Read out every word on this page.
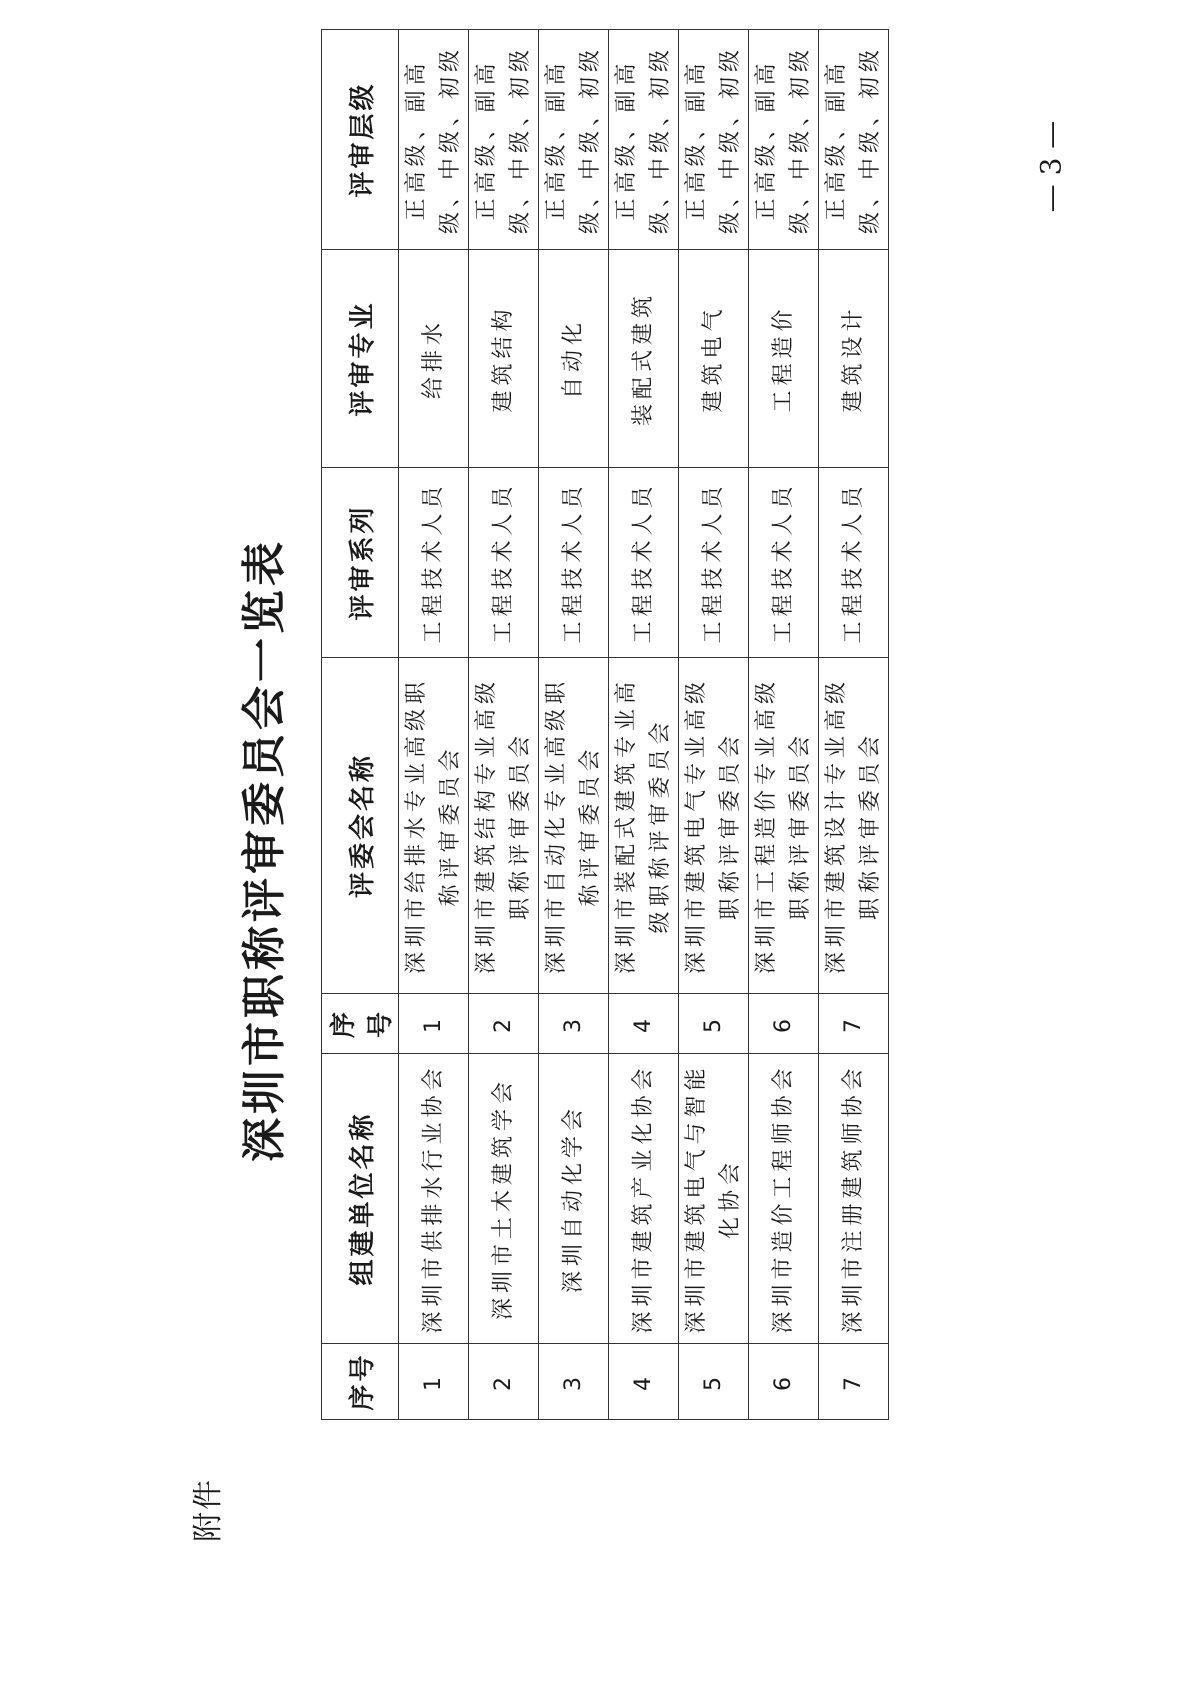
附件
深圳市职称评审委员会一览表
序号	组建单位名称	序号	评委会名称	评审系列	评审专业	评审层级
1	深圳市供排水行业协会	1	深圳市给排水专业高级职称评审委员会	工程技术人员	给排水	正高级、副高级、中级、初级
2	深圳市土木建筑学会	2	深圳市建筑结构专业高级职称评审委员会	工程技术人员	建筑结构	正高级、副高级、中级、初级
3	深圳自动化学会	3	深圳市自动化专业高级职称评审委员会	工程技术人员	自动化	正高级、副高级、中级、初级
4	深圳市建筑产业化协会	4	深圳市装配式建筑专业高级职称评审委员会	工程技术人员	装配式建筑	正高级、副高级、中级、初级
5	深圳市建筑电气与智能化协会	5	深圳市建筑电气专业高级职称评审委员会	工程技术人员	建筑电气	正高级、副高级、中级、初级
6	深圳市造价工程师协会	6	深圳市工程造价专业高级职称评审委员会	工程技术人员	工程造价	正高级、副高级、中级、初级
7	深圳市注册建筑师协会	7	深圳市建筑设计专业高级职称评审委员会	工程技术人员	建筑设计	正高级、副高级、中级、初级	— 3 —
